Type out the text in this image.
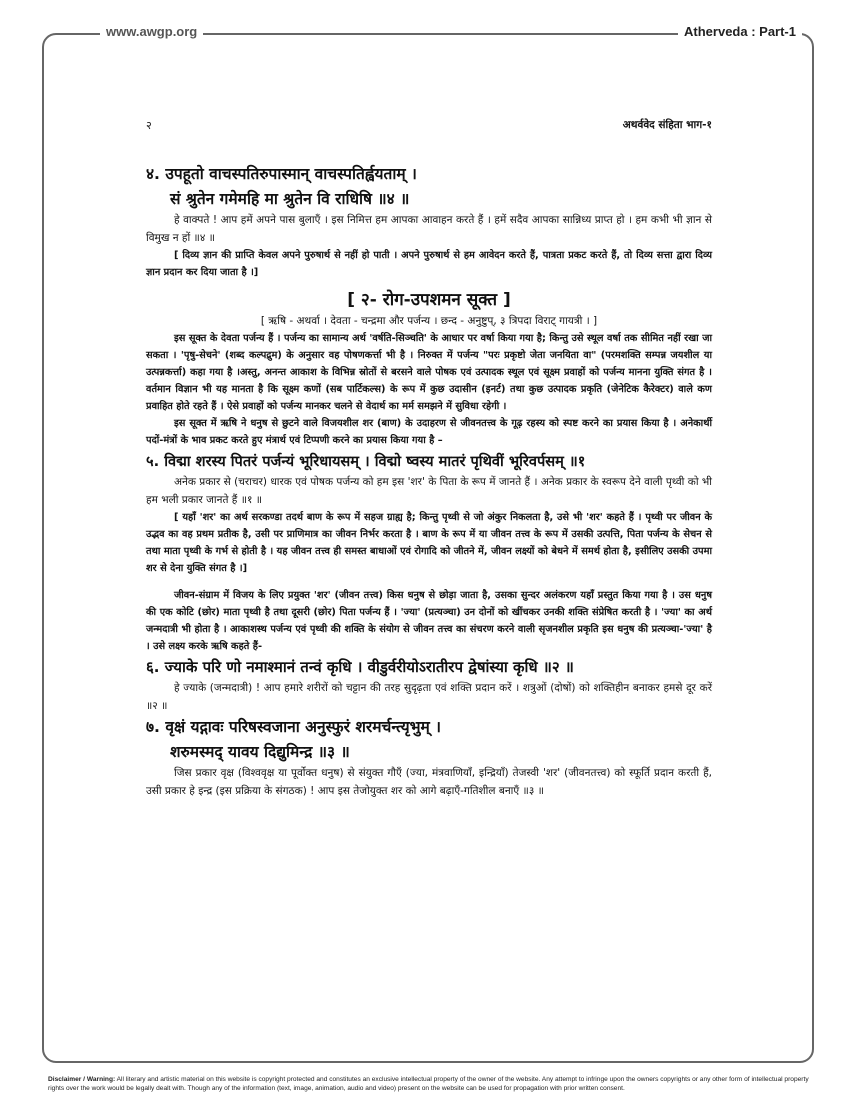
www.awgp.org	Atherveda : Part-1
२	अथर्ववेद संहिता भाग-१

४. उपहूतो वाचस्पतिरुपास्मान् वाचस्पतिर्ह्वयताम् ।

सं श्रुतेन गमेमहि मा श्रुतेन वि राधिषि ॥४ ॥

हे वाक्पते ! आप हमें अपने पास बुलाएँ । इस निमित्त हम आपका आवाहन करते हैं । हमें सदैव आपका सान्निध्य प्राप्त हो । हम कभी भी ज्ञान से विमुख न हों ॥४ ॥

[ दिव्य ज्ञान की प्राप्ति केवल अपने पुरुषार्थ से नहीं हो पाती । अपने पुरुषार्थ से हम आवेदन करते हैं, पात्रता प्रकट करते हैं, तो दिव्य सत्ता द्वारा दिव्य ज्ञान प्रदान कर दिया जाता है ।]

[ २- रोग-उपशमन सूक्त ]

[ ऋषि - अथर्वा । देवता - चन्द्रमा और पर्जन्य । छन्द - अनुष्टुप्, ३ त्रिपदा विराट् गायत्री । ]

इस सूक्त के देवता पर्जन्य हैं । पर्जन्य का सामान्य अर्थ 'वर्षति-सिञ्चति' के आधार पर वर्षा किया गया है; किन्तु उसे स्थूल वर्षा तक सीमित नहीं रखा जा सकता । 'पृषु-सेचने' (शब्द कल्पद्रुम) के अनुसार वह पोषणकर्त्ता भी है । निरुक्त में पर्जन्य "परः प्रकृष्टो जेता जनयिता वा" (परमशक्ति सम्पन्न जयशील या उत्पन्नकर्त्ता) कहा गया है ।अस्तु, अनन्त आकाश के विभिन्न स्रोतों से बरसने वाले पोषक एवं उत्पादक स्थूल एवं सूक्ष्म प्रवाहों को पर्जन्य मानना युक्ति संगत है । वर्तमान विज्ञान भी यह मानता है कि सूक्ष्म कणों (सब पार्टिकल्स) के रूप में कुछ उदासीन (इनर्ट) तथा कुछ उत्पादक प्रकृति (जेनेटिक कैरेक्टर) वाले कण प्रवाहित होते रहते हैं । ऐसे प्रवाहों को पर्जन्य मानकर चलने से वेदार्थ का मर्म समझने में सुविधा रहेगी ।

इस सूक्त में ऋषि ने धनुष से छुटने वाले विजयशील शर (बाण) के उदाहरण से जीवनतत्त्व के गूढ़ रहस्य को स्पष्ट करने का प्रयास किया है । अनेकार्थी पदों-मंत्रों के भाव प्रकट करते हुए मंत्रार्थ एवं टिप्पणी करने का प्रयास किया गया है –

५. विद्मा शरस्य पितरं पर्जन्यं भूरिधायसम् । विद्मो ष्वस्य मातरं पृथिवीं भूरिवर्पसम् ॥१

अनेक प्रकार से (चराचर) धारक एवं पोषक पर्जन्य को हम इस 'शर' के पिता के रूप में जानते हैं । अनेक प्रकार के स्वरूप देने वाली पृथ्वी को भी हम भली प्रकार जानते हैं ॥१ ॥

[ यहाँ 'शर' का अर्थ सरकण्डा तदर्थ बाण के रूप में सहज ग्राह्य है; किन्तु पृथ्वी से जो अंकुर निकलता है, उसे भी 'शर' कहते हैं । पृथ्वी पर जीवन के उद्भव का वह प्रथम प्रतीक है, उसी पर प्राणिमात्र का जीवन निर्भर करता है । बाण के रूप में या जीवन तत्त्व के रूप में उसकी उत्पत्ति, पिता पर्जन्य के सेचन से तथा माता पृथ्वी के गर्भ से होती है । यह जीवन तत्त्व ही समस्त बाधाओं एवं रोगादि को जीतने में, जीवन लक्ष्यों को बेधने में समर्थ होता है, इसीलिए उसकी उपमा शर से देना युक्ति संगत है ।]

जीवन-संग्राम में विजय के लिए प्रयुक्त 'शर' (जीवन तत्त्व) किस धनुष से छोड़ा जाता है, उसका सुन्दर अलंकरण यहाँ प्रस्तुत किया गया है । उस धनुष की एक कोटि (छोर) माता पृथ्वी है तथा दूसरी (छोर) पिता पर्जन्य हैं । 'ज्या' (प्रत्यञ्चा) उन दोनों को खींचकर उनकी शक्ति संप्रेषित करती है । 'ज्या' का अर्थ जन्मदात्री भी होता है । आकाशस्थ पर्जन्य एवं पृथ्वी की शक्ति के संयोग से जीवन तत्त्व का संचरण करने वाली सृजनशील प्रकृति इस धनुष की प्रत्यञ्चा-'ज्या' है । उसे लक्ष्य करके ऋषि कहते हैं-

६. ज्याके परि णो नमाश्मानं तन्वं कृधि । वीडुर्वरीयोऽरातीरप द्वेषांस्या कृधि ॥२ ॥

हे ज्याके (जन्मदात्री) ! आप हमारे शरीरों को चट्टान की तरह सुदृढ़ता एवं शक्ति प्रदान करें । शत्रुओं (दोषों) को शक्तिहीन बनाकर हमसे दूर करें ॥२ ॥

७. वृक्षं यद्गावः परिषस्वजाना अनुस्फुरं शरमर्चन्त्यृभुम् ।

शरुमस्मद् यावय दिद्युमिन्द्र ॥३ ॥

जिस प्रकार वृक्ष (विश्ववृक्ष या पूर्वोक्त धनुष) से संयुक्त गौएँ (ज्या, मंत्रवाणियाँ, इन्द्रियाँ) तेजस्वी 'शर' (जीवनतत्त्व) को स्फूर्ति प्रदान करती हैं, उसी प्रकार हे इन्द्र (इस प्रक्रिया के संगठक) ! आप इस तेजोयुक्त शर को आगे बढ़ाएँ-गतिशील बनाएँ ॥३ ॥

Disclaimer / Warning: All literary and artistic material on this website is copyright protected and constitutes an exclusive intellectual property of the owner of the website. Any attempt to infringe upon the owners copyrights or any other form of intellectual property rights over the work would be legally dealt with. Though any of the information (text, image, animation, audio and video) present on the website can be used for propagation with prior written consent.
